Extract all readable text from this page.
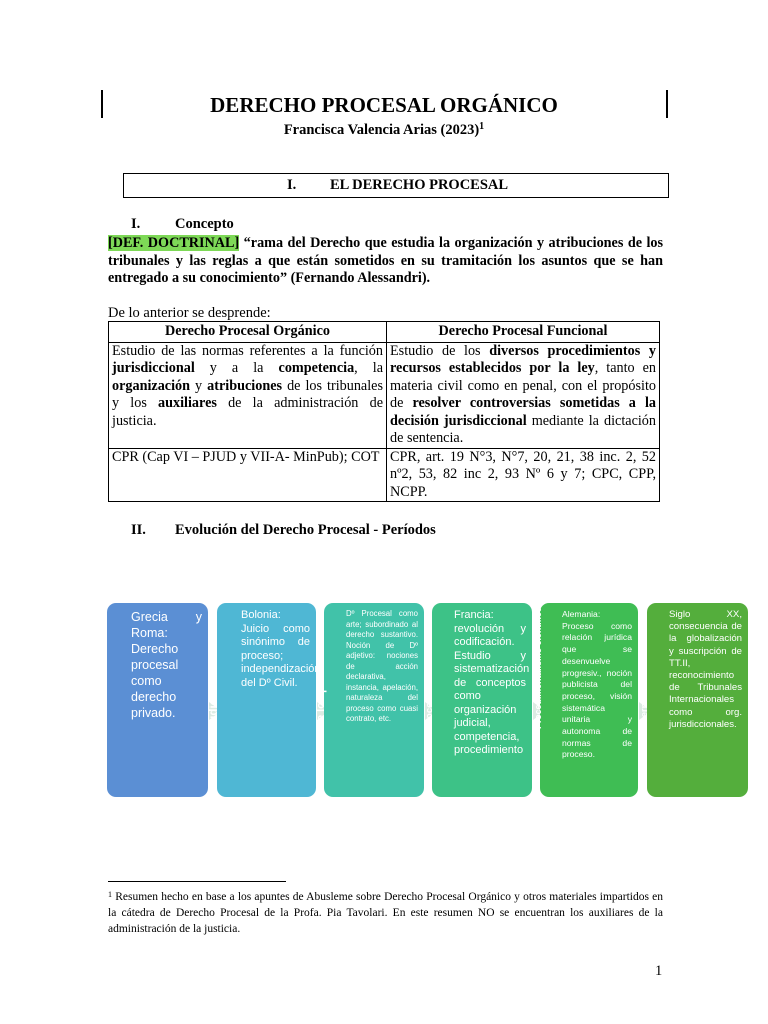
DERECHO PROCESAL ORGÁNICO
Francisca Valencia Arias $(2023)^1$
I. EL DERECHO PROCESAL
I. Concepto
[DEF. DOCTRINAL] “rama del Derecho que estudia la organización y atribuciones de los tribunales y las reglas a que están sometidos en su tramitación los asuntos que se han entregado a su conocimiento” (Fernando Alessandri).
De lo anterior se desprende:
Derecho Procesal Orgánico	Derecho Procesal Funcional
Estudio de las normas referentes a la función jurisdiccional y a la competencia, la organización y atribuciones de los tribunales y los auxiliares de la administración de justicia.	Estudio de los diversos procedimientos y recursos establecidos por la ley, tanto en materia civil como en penal, con el propósito de resolver controversias sometidas a la decisión jurisdiccional mediante la dictación de sentencia.
CPR (Cap VI – PJUD y VII-A- MinPub); COT	CPR, art. 19 N°3, N°7, 20, 21, 38 inc. 2, 52 nº2, 53, 82 inc 2, 93 Nº 6 y 7; CPC, CPP, NCPP.
II. Evolución del Derecho Procesal - Períodos
Primitivo
Grecia y Roma: Derecho procesal como derecho privado.	Judicialista
Bolonia: Juicio como sinónimo de proceso; independización del Dº Civil.	De los prácticos
Dº Procesal como arte; subordinado al derecho sustantivo. Noción de Dº adjetivo: nociones de acción declarativa, instancia, apelación, naturaleza del proceso como cuasi contrato, etc.	Procedimentalismo
Francia: revolución y codificación. Estudio y sistematización de conceptos como organización judicial, competencia, procedimiento
Procedimentalismo científico Alemania: Proceso como relación jurídica que se desenvuelve progresiv., noción publicista del proceso, visión sistemática unitaria y autonoma de normas de proceso.
Internacionalización del Dº Siglo XX, consecuencia de la globalización y suscripción de TT.II, reconocimiento de Tribunales Internacionales como org. jurisdiccionales.
$^1$ Resumen hecho en base a los apuntes de Abusleme sobre Derecho Procesal Orgánico y otros materiales impartidos en la cátedra de Derecho Procesal de la Profa. Pia Tavolari. En este resumen NO se encuentran los auxiliares de la administración de la justicia.
1
